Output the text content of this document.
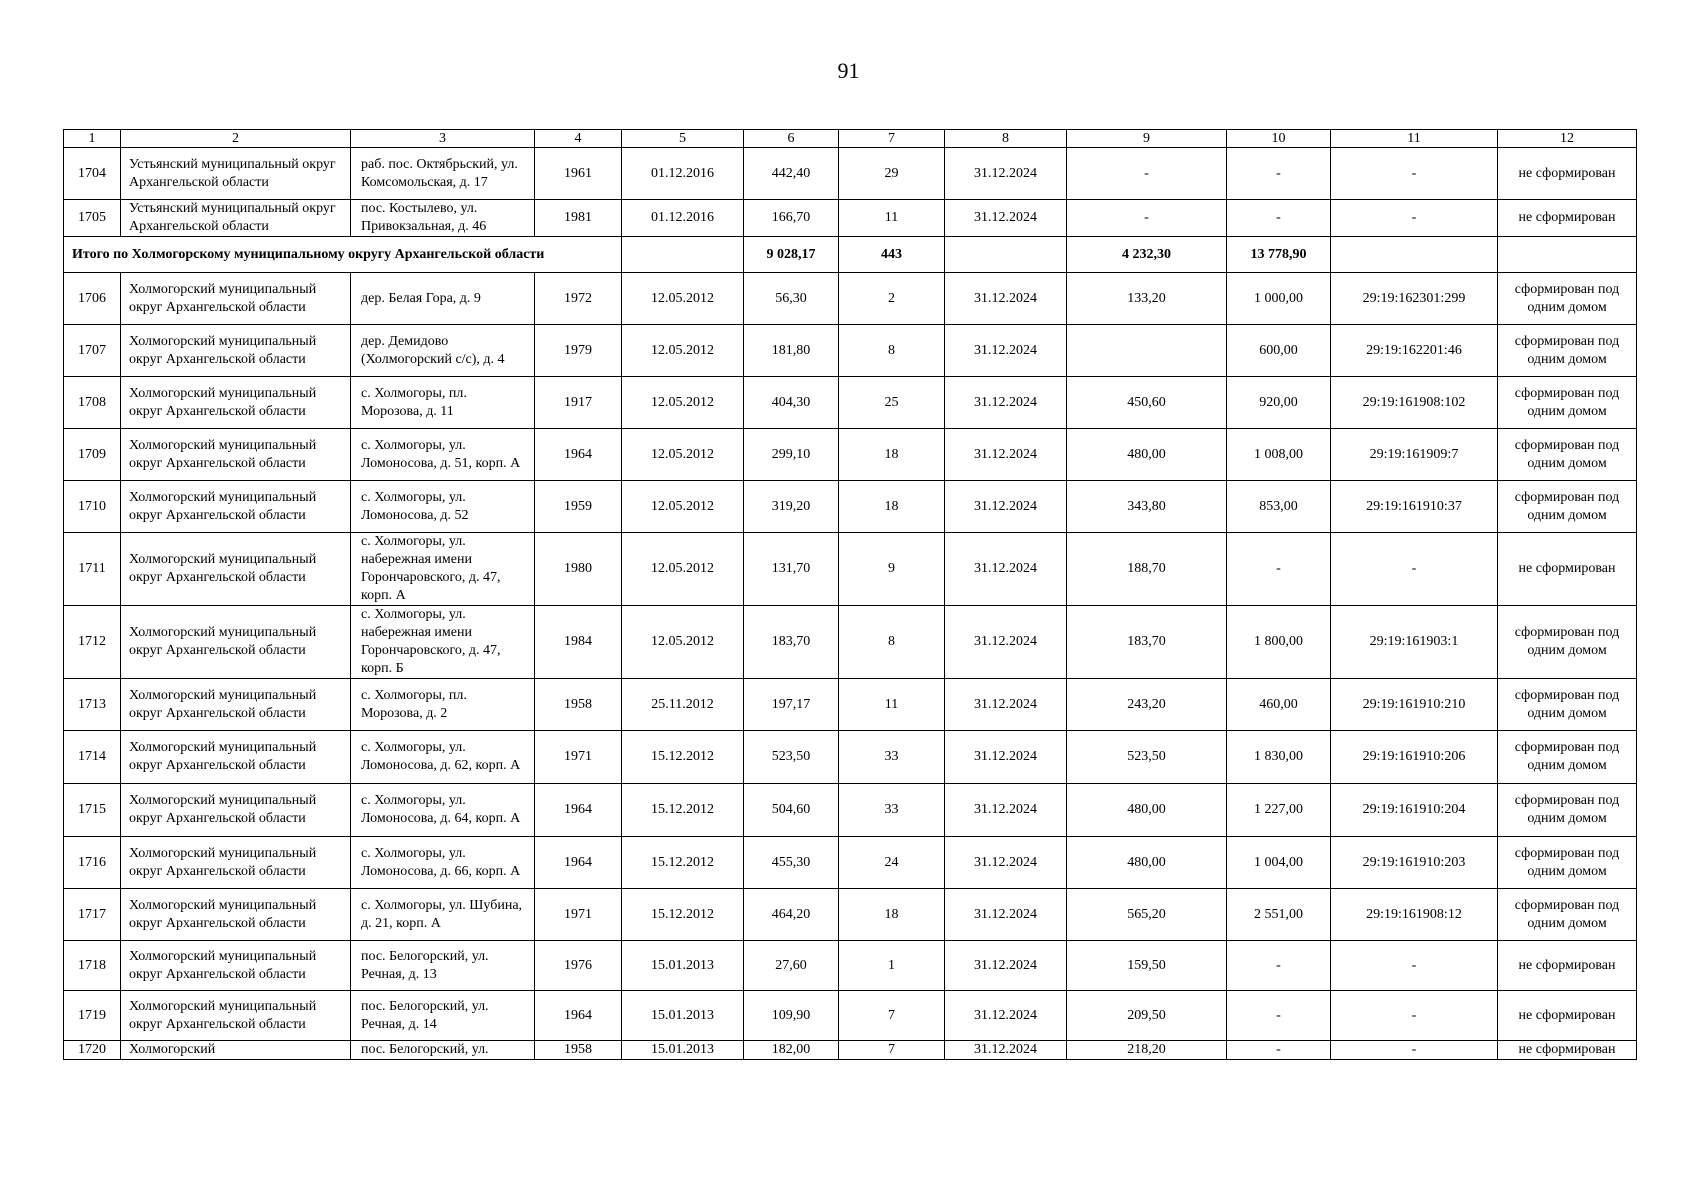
91
1	2	3	4	5	6	7	8	9	10	11	12
1704	Устьянский муниципальный округ Архангельской области	раб. пос. Октябрьский, ул. Комсомольская, д. 17	1961	01.12.2016	442,40	29	31.12.2024	-	-	-	не сформирован
1705	Устьянский муниципальный округ Архангельской области	пос. Костылево, ул. Привокзальная, д. 46	1981	01.12.2016	166,70	11	31.12.2024	-	-	-	не сформирован
Итого по Холмогорскому муниципальному округу Архангельской области					9 028,17	443		4 232,30	13 778,90		
1706	Холмогорский муниципальный округ Архангельской области	дер. Белая Гора, д. 9	1972	12.05.2012	56,30	2	31.12.2024	133,20	1 000,00	29:19:162301:299	сформирован под одним домом
1707	Холмогорский муниципальный округ Архангельской области	дер. Демидово (Холмогорский с/с), д. 4	1979	12.05.2012	181,80	8	31.12.2024		600,00	29:19:162201:46	сформирован под одним домом
1708	Холмогорский муниципальный округ Архангельской области	с. Холмогоры, пл. Морозова, д. 11	1917	12.05.2012	404,30	25	31.12.2024	450,60	920,00	29:19:161908:102	сформирован под одним домом
1709	Холмогорский муниципальный округ Архангельской области	с. Холмогоры, ул. Ломоносова, д. 51, корп. А	1964	12.05.2012	299,10	18	31.12.2024	480,00	1 008,00	29:19:161909:7	сформирован под одним домом
1710	Холмогорский муниципальный округ Архангельской области	с. Холмогоры, ул. Ломоносова, д. 52	1959	12.05.2012	319,20	18	31.12.2024	343,80	853,00	29:19:161910:37	сформирован под одним домом
1711	Холмогорский муниципальный округ Архангельской области	с. Холмогоры, ул. набережная имени Горончаровского, д. 47, корп. А	1980	12.05.2012	131,70	9	31.12.2024	188,70	-	-	не сформирован
1712	Холмогорский муниципальный округ Архангельской области	с. Холмогоры, ул. набережная имени Горончаровского, д. 47, корп. Б	1984	12.05.2012	183,70	8	31.12.2024	183,70	1 800,00	29:19:161903:1	сформирован под одним домом
1713	Холмогорский муниципальный округ Архангельской области	с. Холмогоры, пл. Морозова, д. 2	1958	25.11.2012	197,17	11	31.12.2024	243,20	460,00	29:19:161910:210	сформирован под одним домом
1714	Холмогорский муниципальный округ Архангельской области	с. Холмогоры, ул. Ломоносова, д. 62, корп. А	1971	15.12.2012	523,50	33	31.12.2024	523,50	1 830,00	29:19:161910:206	сформирован под одним домом
1715	Холмогорский муниципальный округ Архангельской области	с. Холмогоры, ул. Ломоносова, д. 64, корп. А	1964	15.12.2012	504,60	33	31.12.2024	480,00	1 227,00	29:19:161910:204	сформирован под одним домом
1716	Холмогорский муниципальный округ Архангельской области	с. Холмогоры, ул. Ломоносова, д. 66, корп. А	1964	15.12.2012	455,30	24	31.12.2024	480,00	1 004,00	29:19:161910:203	сформирован под одним домом
1717	Холмогорский муниципальный округ Архангельской области	с. Холмогоры, ул. Шубина, д. 21, корп. А	1971	15.12.2012	464,20	18	31.12.2024	565,20	2 551,00	29:19:161908:12	сформирован под одним домом
1718	Холмогорский муниципальный округ Архангельской области	пос. Белогорский, ул. Речная, д. 13	1976	15.01.2013	27,60	1	31.12.2024	159,50	-	-	не сформирован
1719	Холмогорский муниципальный округ Архангельской области	пос. Белогорский, ул. Речная, д. 14	1964	15.01.2013	109,90	7	31.12.2024	209,50	-	-	не сформирован
1720	Холмогорский	пос. Белогорский, ул.	1958	15.01.2013	182,00	7	31.12.2024	218,20	-	-	не сформирован
